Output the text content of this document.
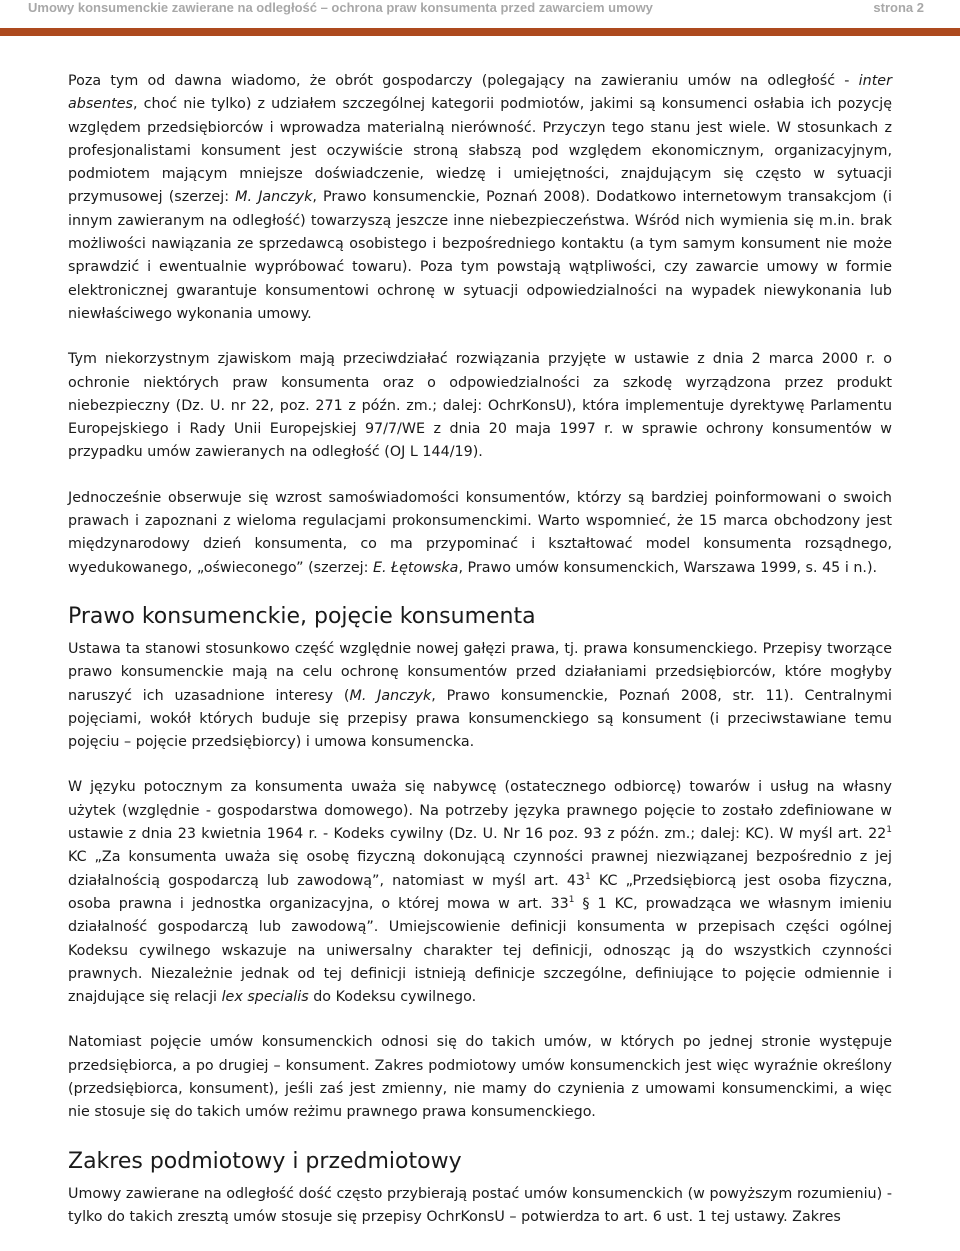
Umowy konsumenckie zawierane na odległość – ochrona praw konsumenta przed zawarciem umowy	strona 2

Poza tym od dawna wiadomo, że obrót gospodarczy (polegający na zawieraniu umów na odległość - inter absentes, choć nie tylko) z udziałem szczególnej kategorii podmiotów, jakimi są konsumenci osłabia ich pozycję względem przedsiębiorców i wprowadza materialną nierówność. Przyczyn tego stanu jest wiele. W stosunkach z profesjonalistami konsument jest oczywiście stroną słabszą pod względem ekonomicznym, organizacyjnym, podmiotem mającym mniejsze doświadczenie, wiedzę i umiejętności, znajdującym się często w sytuacji przymusowej (szerzej: M. Janczyk, Prawo konsumenckie, Poznań 2008). Dodatkowo internetowym transakcjom (i innym zawieranym na odległość) towarzyszą jeszcze inne niebezpieczeństwa. Wśród nich wymienia się m.in. brak możliwości nawiązania ze sprzedawcą osobistego i bezpośredniego kontaktu (a tym samym konsument nie może sprawdzić i ewentualnie wypróbować towaru). Poza tym powstają wątpliwości, czy zawarcie umowy w formie elektronicznej gwarantuje konsumentowi ochronę w sytuacji odpowiedzialności na wypadek niewykonania lub niewłaściwego wykonania umowy.

Tym niekorzystnym zjawiskom mają przeciwdziałać rozwiązania przyjęte w ustawie z dnia 2 marca 2000 r. o ochronie niektórych praw konsumenta oraz o odpowiedzialności za szkodę wyrządzona przez produkt niebezpieczny (Dz. U. nr 22, poz. 271 z późn. zm.; dalej: OchrKonsU), która implementuje dyrektywę Parlamentu Europejskiego i Rady Unii Europejskiej 97/7/WE z dnia 20 maja 1997 r. w sprawie ochrony konsumentów w przypadku umów zawieranych na odległość (OJ L 144/19).

Jednocześnie obserwuje się wzrost samoświadomości konsumentów, którzy są bardziej poinformowani o swoich prawach i zapoznani z wieloma regulacjami prokonsumenckimi. Warto wspomnieć, że 15 marca obchodzony jest międzynarodowy dzień konsumenta, co ma przypominać i kształtować model konsumenta rozsądnego, wyedukowanego, „oświeconego” (szerzej: E. Łętowska, Prawo umów konsumenckich, Warszawa 1999, s. 45 i n.).

Prawo konsumenckie, pojęcie konsumenta

Ustawa ta stanowi stosunkowo część względnie nowej gałęzi prawa, tj. prawa konsumenckiego. Przepisy tworzące prawo konsumenckie mają na celu ochronę konsumentów przed działaniami przedsiębiorców, które mogłyby naruszyć ich uzasadnione interesy (M. Janczyk, Prawo konsumenckie, Poznań 2008, str. 11). Centralnymi pojęciami, wokół których buduje się przepisy prawa konsumenckiego są konsument (i przeciwstawiane temu pojęciu – pojęcie przedsiębiorcy) i umowa konsumencka.

W języku potocznym za konsumenta uważa się nabywcę (ostatecznego odbiorcę) towarów i usług na własny użytek (względnie - gospodarstwa domowego). Na potrzeby języka prawnego pojęcie to zostało zdefiniowane w ustawie z dnia 23 kwietnia 1964 r. - Kodeks cywilny (Dz. U. Nr 16 poz. 93 z późn. zm.; dalej: KC). W myśl art. $22^1$ KC „Za konsumenta uważa się osobę fizyczną dokonującą czynności prawnej niezwiązanej bezpośrednio z jej działalnością gospodarczą lub zawodową”, natomiast w myśl art. $43^1$ KC „Przedsiębiorcą jest osoba fizyczna, osoba prawna i jednostka organizacyjna, o której mowa w art. $33^1$ § 1 KC, prowadząca we własnym imieniu działalność gospodarczą lub zawodową”. Umiejscowienie definicji konsumenta w przepisach części ogólnej Kodeksu cywilnego wskazuje na uniwersalny charakter tej definicji, odnosząc ją do wszystkich czynności prawnych. Niezależnie jednak od tej definicji istnieją definicje szczególne, definiujące to pojęcie odmiennie i znajdujące się relacji lex specialis do Kodeksu cywilnego.

Natomiast pojęcie umów konsumenckich odnosi się do takich umów, w których po jednej stronie występuje przedsiębiorca, a po drugiej – konsument. Zakres podmiotowy umów konsumenckich jest więc wyraźnie określony (przedsiębiorca, konsument), jeśli zaś jest zmienny, nie mamy do czynienia z umowami konsumenckimi, a więc nie stosuje się do takich umów reżimu prawnego prawa konsumenckiego.

Zakres podmiotowy i przedmiotowy

Umowy zawierane na odległość dość często przybierają postać umów konsumenckich (w powyższym rozumieniu) - tylko do takich zresztą umów stosuje się przepisy OchrKonsU – potwierdza to art. 6 ust. 1 tej ustawy. Zakres
